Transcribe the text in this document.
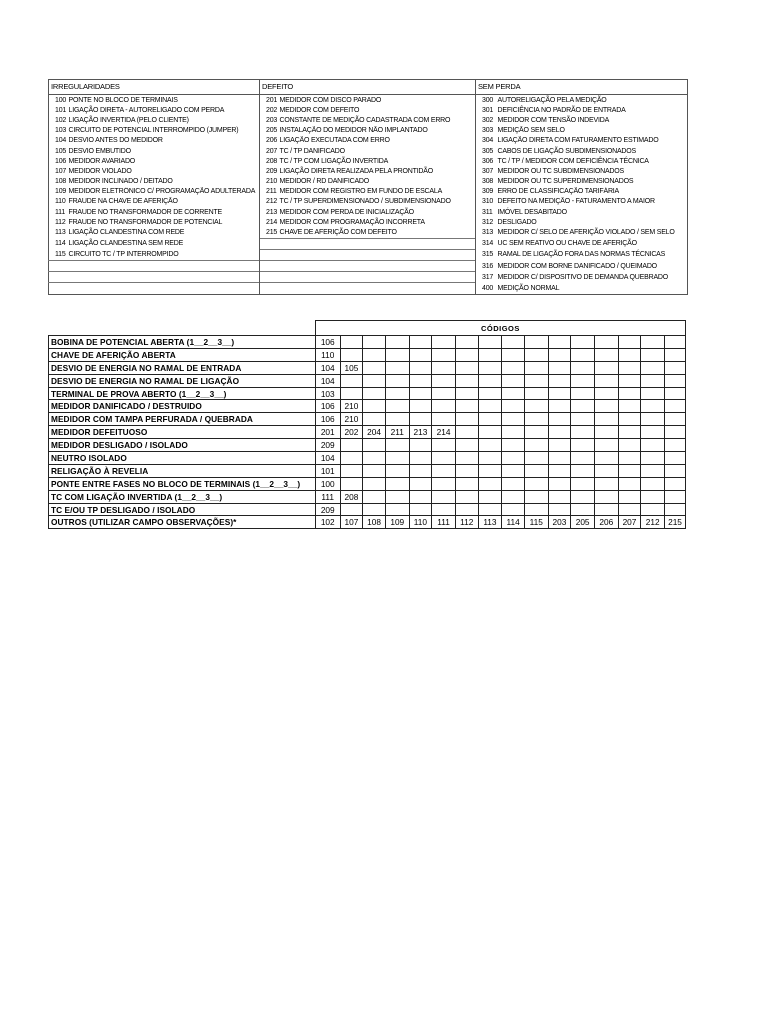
IRREGULARIDADES		DEFEITO		SEM PERDA	
100	PONTE NO BLOCO DE TERMINAIS	201	MEDIDOR COM DISCO PARADO	300	AUTORELIGAÇÃO PELA MEDIÇÃO
101	LIGAÇÃO DIRETA - AUTORELIGADO COM PERDA	202	MEDIDOR COM DEFEITO	301	DEFICIÊNCIA NO PADRÃO DE ENTRADA
102	LIGAÇÃO INVERTIDA (PELO CLIENTE)	203	CONSTANTE DE MEDIÇÃO CADASTRADA COM ERRO	302	MEDIDOR COM TENSÃO INDEVIDA
103	CIRCUITO DE POTENCIAL INTERROMPIDO (JUMPER)	205	INSTALAÇÃO DO MEDIDOR NÃO IMPLANTADO	303	MEDIÇÃO SEM SELO
104	DESVIO ANTES DO MEDIDOR	206	LIGAÇÃO EXECUTADA COM ERRO	304	LIGAÇÃO DIRETA COM FATURAMENTO ESTIMADO
105	DESVIO EMBUTIDO	207	TC / TP DANIFICADO	305	CABOS DE LIGAÇÃO SUBDIMENSIONADOS
106	MEDIDOR AVARIADO	208	TC / TP COM LIGAÇÃO INVERTIDA	306	TC / TP / MEDIDOR COM DEFICIÊNCIA TÉCNICA
107	MEDIDOR VIOLADO	209	LIGAÇÃO DIRETA REALIZADA PELA PRONTIDÃO	307	MEDIDOR OU TC SUBDIMENSIONADOS
108	MEDIDOR INCLINADO / DEITADO	210	MEDIDOR / RD DANIFICADO	308	MEDIDOR OU TC SUPERDIMENSIONADOS
109	MEDIDOR ELETRÔNICO C/ PROGRAMAÇÃO ADULTERADA	211	MEDIDOR COM REGISTRO EM FUNDO DE ESCALA	309	ERRO DE CLASSIFICAÇÃO TARIFÁRIA
110	FRAUDE NA CHAVE DE AFERIÇÃO	212	TC / TP SUPERDIMENSIONADO / SUBDIMENSIONADO	310	DEFEITO NA MEDIÇÃO - FATURAMENTO A MAIOR
111	FRAUDE NO TRANSFORMADOR DE CORRENTE	213	MEDIDOR COM PERDA DE INICIALIZAÇÃO	311	IMÓVEL DESABITADO
112	FRAUDE NO TRANSFORMADOR DE POTENCIAL	214	MEDIDOR COM PROGRAMAÇÃO INCORRETA	312	DESLIGADO
113	LIGAÇÃO CLANDESTINA COM REDE	215	CHAVE DE AFERIÇÃO COM DEFEITO	313	MEDIDOR C/ SELO DE AFERIÇÃO VIOLADO / SEM SELO
114	LIGAÇÃO CLANDESTINA SEM REDE			314	UC SEM REATIVO OU CHAVE DE AFERIÇÃO
115	CIRCUITO TC / TP INTERROMPIDO			315	RAMAL DE LIGAÇÃO FORA DAS NORMAS TÉCNICAS
				316	MEDIDOR COM BORNE DANIFICADO / QUEIMADO
				317	MEDIDOR C/ DISPOSITIVO DE DEMANDA QUEBRADO
				400	MEDIÇÃO NORMAL
	CÓDIGOS															
BOBINA DE POTENCIAL ABERTA (1__2__3__)	106															
CHAVE DE AFERIÇÃO ABERTA	110															
DESVIO DE ENERGIA NO RAMAL DE ENTRADA	104	105														
DESVIO DE ENERGIA NO RAMAL DE LIGAÇÃO	104															
TERMINAL DE PROVA ABERTO (1__2__3__)	103															
MEDIDOR DANIFICADO / DESTRUIDO	106	210														
MEDIDOR COM TAMPA PERFURADA / QUEBRADA	106	210														
MEDIDOR DEFEITUOSO	201	202	204	211	213	214										
MEDIDOR DESLIGADO / ISOLADO	209															
NEUTRO ISOLADO	104															
RELIGAÇÃO À REVELIA	101															
PONTE ENTRE FASES NO BLOCO DE TERMINAIS (1__2__3__)	100															
TC COM LIGAÇÃO INVERTIDA (1__2__3__)	111	208														
TC E/OU TP DESLIGADO / ISOLADO	209															
OUTROS (UTILIZAR CAMPO OBSERVAÇÕES)*	102	107	108	109	110	111	112	113	114	115	203	205	206	207	212	215
